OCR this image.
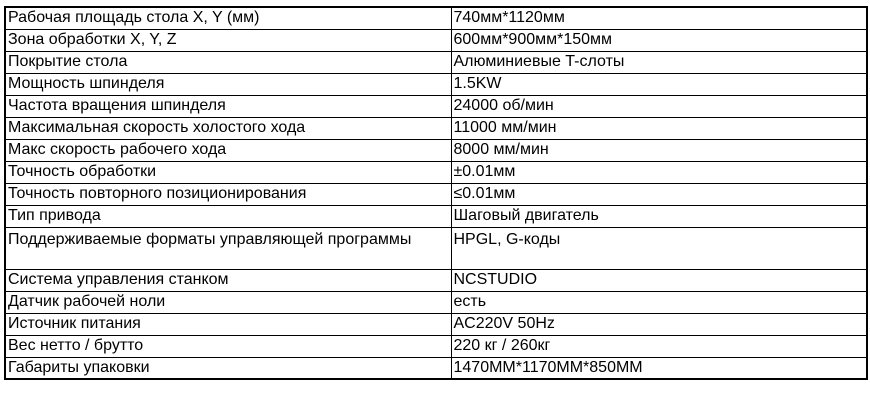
Рабочая площадь стола X, Y (мм)	740мм*1120мм
Зона обработки X, Y, Z	600мм*900мм*150мм
Покрытие стола	Алюминиевые T-слоты
Мощность шпинделя	1.5KW
Частота вращения шпинделя	24000 об/мин
Максимальная скорость холостого хода	11000 мм/мин
Макс скорость рабочего хода	8000 мм/мин
Точность обработки	±0.01мм
Точность повторного позиционирования	≤0.01мм
Тип привода	Шаговый двигатель
Поддерживаемые форматы управляющей программы	HPGL, G-коды
Система управления станком	NCSTUDIO
Датчик рабочей ноли	есть
Источник питания	AC220V 50Hz
Вес нетто / брутто	220 кг / 260кг
Габариты упаковки	1470ММ*1170ММ*850ММ
